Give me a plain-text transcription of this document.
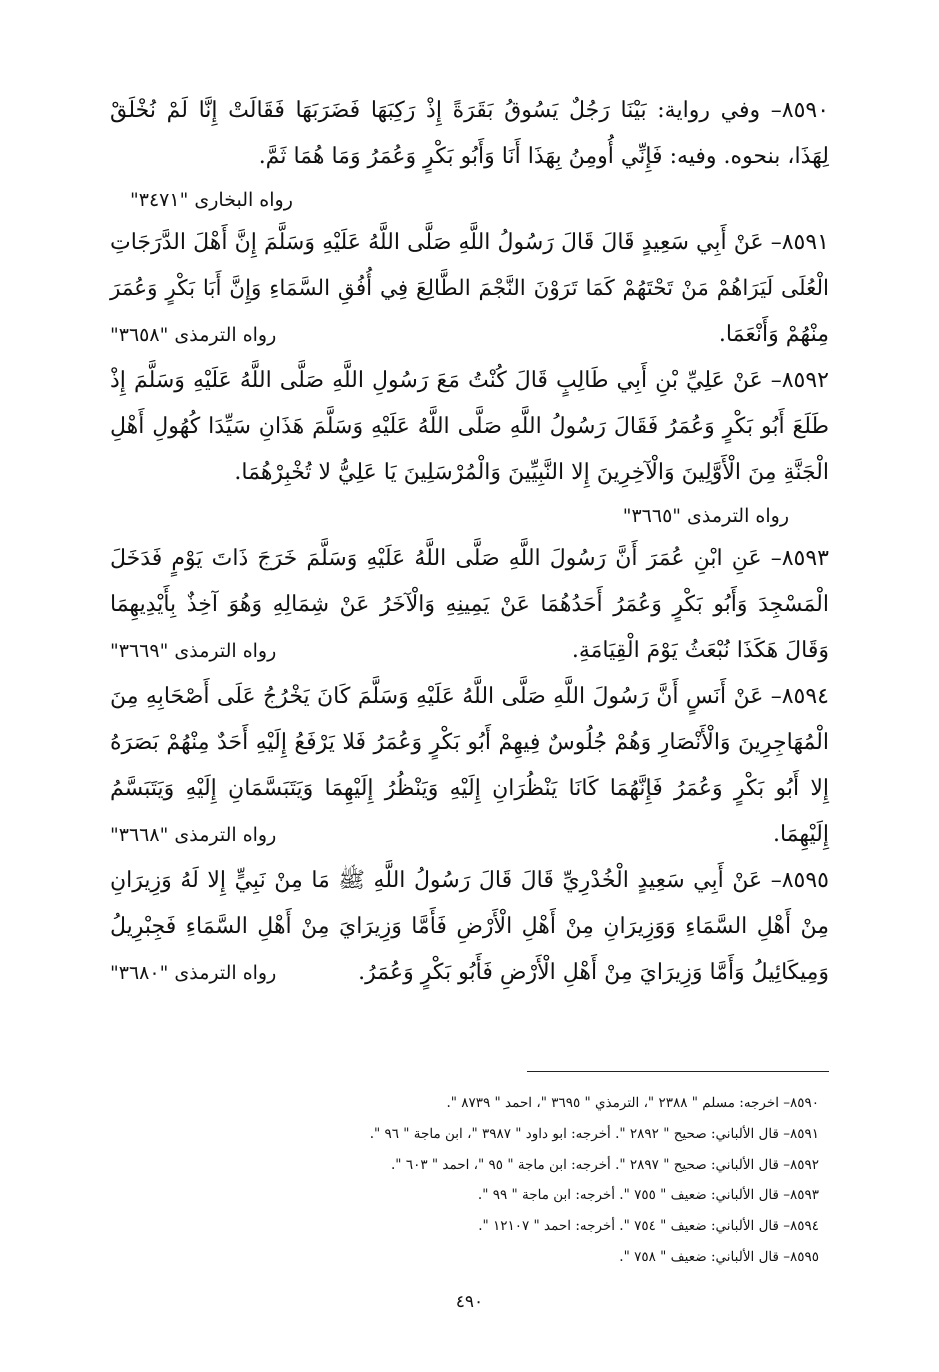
٨٥٩٠– وفي رواية: بَيْنَا رَجُلٌ يَسُوقُ بَقَرَةً إِذْ رَكِبَهَا فَضَرَبَهَا فَقَالَتْ إِنَّا لَمْ نُخْلَقْ
لِهَذَا، بنحوه. وفيه: فَإِنِّي أُومِنُ بِهَذَا أَنَا وَأَبُو بَكْرٍ وَعُمَرُ وَمَا هُمَا ثَمَّ.
رواه البخارى "٣٤٧١"
٨٥٩١– عَنْ أَبِي سَعِيدٍ قَالَ قَالَ رَسُولُ اللَّهِ صَلَّى اللَّهُ عَلَيْهِ وَسَلَّمَ إِنَّ أَهْلَ الدَّرَجَاتِ
الْعُلَى لَيَرَاهُمْ مَنْ تَحْتَهُمْ كَمَا تَرَوْنَ النَّجْمَ الطَّالِعَ فِي أُفُقِ السَّمَاءِ وَإِنَّ أَبَا بَكْرٍ وَعُمَرَ
مِنْهُمْ وَأَنْعَمَا.
رواه الترمذى "٣٦٥٨"
٨٥٩٢– عَنْ عَلِيِّ بْنِ أَبِي طَالِبٍ قَالَ كُنْتُ مَعَ رَسُولِ اللَّهِ صَلَّى اللَّهُ عَلَيْهِ وَسَلَّمَ إِذْ
طَلَعَ أَبُو بَكْرٍ وَعُمَرُ فَقَالَ رَسُولُ اللَّهِ صَلَّى اللَّهُ عَلَيْهِ وَسَلَّمَ هَذَانِ سَيِّدَا كُهُولِ أَهْلِ
الْجَنَّةِ مِنَ الْأَوَّلِينَ وَالْآخِرِينَ إِلا النَّبِيِّينَ وَالْمُرْسَلِينَ يَا عَلِيُّ لا تُخْبِرْهُمَا.
رواه الترمذى "٣٦٦٥"
٨٥٩٣– عَنِ ابْنِ عُمَرَ أَنَّ رَسُولَ اللَّهِ صَلَّى اللَّهُ عَلَيْهِ وَسَلَّمَ خَرَجَ ذَاتَ يَوْمٍ فَدَخَلَ
الْمَسْجِدَ وَأَبُو بَكْرٍ وَعُمَرُ أَحَدُهُمَا عَنْ يَمِينِهِ وَالْآخَرُ عَنْ شِمَالِهِ وَهُوَ آخِذٌ بِأَيْدِيهِمَا
وَقَالَ هَكَذَا نُبْعَثُ يَوْمَ الْقِيَامَةِ.
رواه الترمذى "٣٦٦٩"
٨٥٩٤– عَنْ أَنَسٍ أَنَّ رَسُولَ اللَّهِ صَلَّى اللَّهُ عَلَيْهِ وَسَلَّمَ كَانَ يَخْرُجُ عَلَى أَصْحَابِهِ مِنَ
الْمُهَاجِرِينَ وَالْأَنْصَارِ وَهُمْ جُلُوسٌ فِيهِمْ أَبُو بَكْرٍ وَعُمَرُ فَلا يَرْفَعُ إِلَيْهِ أَحَدٌ مِنْهُمْ بَصَرَهُ
إِلا أَبُو بَكْرٍ وَعُمَرُ فَإِنَّهُمَا كَانَا يَنْظُرَانِ إِلَيْهِ وَيَنْظُرُ إِلَيْهِمَا وَيَتَبَسَّمَانِ إِلَيْهِ وَيَتَبَسَّمُ
إِلَيْهِمَا.
رواه الترمذى "٣٦٦٨"
٨٥٩٥– عَنْ أَبِي سَعِيدٍ الْخُدْرِيِّ قَالَ قَالَ رَسُولُ اللَّهِ ﷺ مَا مِنْ نَبِيٍّ إِلا لَهُ وَزِيرَانِ
مِنْ أَهْلِ السَّمَاءِ وَوَزِيرَانِ مِنْ أَهْلِ الْأَرْضِ فَأَمَّا وَزِيرَايَ مِنْ أَهْلِ السَّمَاءِ فَجِبْرِيلُ
وَمِيكَائِيلُ وَأَمَّا وَزِيرَايَ مِنْ أَهْلِ الْأَرْضِ فَأَبُو بَكْرٍ وَعُمَرُ.
رواه الترمذى "٣٦٨٠"
٨٥٩٠– اخرجه: مسلم " ٢٣٨٨ "، الترمذي " ٣٦٩٥ "، احمد " ٨٧٣٩ ".
٨٥٩١– قال الألباني: صحيح " ٢٨٩٢ ". أخرجه: ابو داود " ٣٩٨٧ "، ابن ماجة " ٩٦ ".
٨٥٩٢– قال الألباني: صحيح " ٢٨٩٧ ". أخرجه: ابن ماجة " ٩٥ "، احمد " ٦٠٣ ".
٨٥٩٣– قال الألباني: ضعيف " ٧٥٥ ". أخرجه: ابن ماجة " ٩٩ ".
٨٥٩٤– قال الألباني: ضعيف " ٧٥٤ ". أخرجه: احمد " ١٢١٠٧ ".
٨٥٩٥– قال الألباني: ضعيف " ٧٥٨ ".
٤٩٠
